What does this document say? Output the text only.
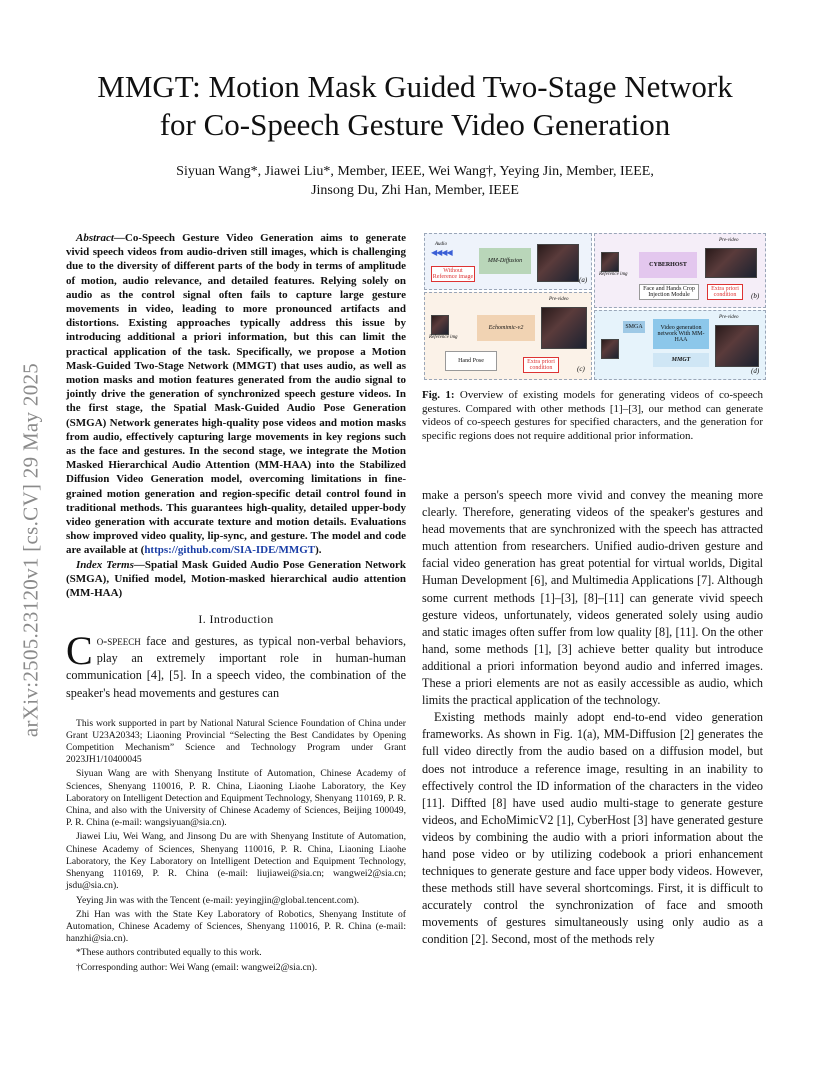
arXiv:2505.23120v1 [cs.CV] 29 May 2025
MMGT: Motion Mask Guided Two-Stage Network
for Co-Speech Gesture Video Generation
Siyuan Wang*, Jiawei Liu*, Member, IEEE, Wei Wang†, Yeying Jin, Member, IEEE,
Jinsong Du, Zhi Han, Member, IEEE
Abstract—Co-Speech Gesture Video Generation aims to generate vivid speech videos from audio-driven still images, which is challenging due to the diversity of different parts of the body in terms of amplitude of motion, audio relevance, and detailed features. Relying solely on audio as the control signal often fails to capture large gesture movements in video, leading to more pronounced artifacts and distortions. Existing approaches typically address this issue by introducing additional a priori information, but this can limit the practical application of the task. Specifically, we propose a Motion Mask-Guided Two-Stage Network (MMGT) that uses audio, as well as motion masks and motion features generated from the audio signal to jointly drive the generation of synchronized speech gesture videos. In the first stage, the Spatial Mask-Guided Audio Pose Generation (SMGA) Network generates high-quality pose videos and motion masks from audio, effectively capturing large movements in key regions such as the face and gestures. In the second stage, we integrate the Motion Masked Hierarchical Audio Attention (MM-HAA) into the Stabilized Diffusion Video Generation model, overcoming limitations in fine-grained motion generation and region-specific detail control found in traditional methods. This guarantees high-quality, detailed upper-body video generation with accurate texture and motion details. Evaluations show improved video quality, lip-sync, and gesture. The model and code are available at (https://github.com/SIA-IDE/MMGT).
Index Terms—Spatial Mask Guided Audio Pose Generation Network (SMGA), Unified model, Motion-masked hierarchical audio attention (MM-HAA)
I. Introduction
Co-speech face and gestures, as typical non-verbal behaviors, play an extremely important role in human-human communication [4], [5]. In a speech video, the combination of the speaker's head movements and gestures can

This work supported in part by National Natural Science Foundation of China under Grant U23A20343; Liaoning Provincial “Selecting the Best Candidates by Opening Competition Mechanism” Science and Technology Program under Grant 2023JH1/10400045

Siyuan Wang are with Shenyang Institute of Automation, Chinese Academy of Sciences, Shenyang 110016, P. R. China, Liaoning Liaohe Laboratory, the Key Laboratory on Intelligent Detection and Equipment Technology, Shenyang 110169, P. R. China, and also with the University of Chinese Academy of Sciences, Beijing 100049, P. R. China (e-mail: wangsiyuan@sia.cn).

Jiawei Liu, Wei Wang, and Jinsong Du are with Shenyang Institute of Automation, Chinese Academy of Sciences, Shenyang 110016, P. R. China, Liaoning Liaohe Laboratory, the Key Laboratory on Intelligent Detection and Equipment Technology, Shenyang 110169, P. R. China (e-mail: liujiawei@sia.cn; wangwei2@sia.cn; jsdu@sia.cn).

Yeying Jin was with the Tencent (e-mail: yeyingjin@global.tencent.com).

Zhi Han was with the State Key Laboratory of Robotics, Shenyang Institute of Automation, Chinese Academy of Sciences, Shenyang 110016, P. R. China (e-mail: hanzhi@sia.cn).

*These authors contributed equally to this work.

†Corresponding author: Wei Wang (email: wangwei2@sia.cn).

◀◀◀◀
Audio
Without Reference image
MM-Diffusion
(a)
Pre-video
Reference img
CYBERHOST
Face and Hands Crop Injection Module
Extra priori condition	(b)
Pre-video
Reference img
Echomimic-v2
Hand Pose	Extra priori condition	(c)
Pre-video
SMGA	Video generation network With MM-HAA
MMGT
(d)
Fig. 1: Overview of existing models for generating videos of co-speech gestures. Compared with other methods [1]–[3], our method can generate videos of co-speech gestures for specified characters, and the generation for specific regions does not require additional prior information.

make a person's speech more vivid and convey the meaning more clearly. Therefore, generating videos of the speaker's gestures and head movements that are synchronized with the speech has attracted much attention from researchers. Unified audio-driven gesture and facial video generation has great potential for virtual worlds, Digital Human Development [6], and Multimedia Applications [7]. Although some current methods [1]–[3], [8]–[11] can generate vivid speech gesture videos, unfortunately, videos generated solely using audio and static images often suffer from low quality [8], [11]. On the other hand, some methods [1], [3] achieve better quality but introduce additional a priori information beyond audio and inferred images. These a priori elements are not as easily accessible as audio, which limits the practical application of the technology.

Existing methods mainly adopt end-to-end video generation frameworks. As shown in Fig. 1(a), MM-Diffusion [2] generates the full video directly from the audio based on a diffusion model, but does not introduce a reference image, resulting in an inability to effectively control the ID information of the characters in the video [11]. Diffted [8] have used audio multi-stage to generate gesture videos, and EchoMimicV2 [1], CyberHost [3] have generated gesture videos by combining the audio with a priori information about the hand pose video or by utilizing codebook a priori enhancement techniques to generate gesture and face upper body videos. However, these methods still have several shortcomings. First, it is difficult to accurately control the synchronization of face and smooth movements of gestures simultaneously using only audio as a condition [2]. Second, most of the methods rely
